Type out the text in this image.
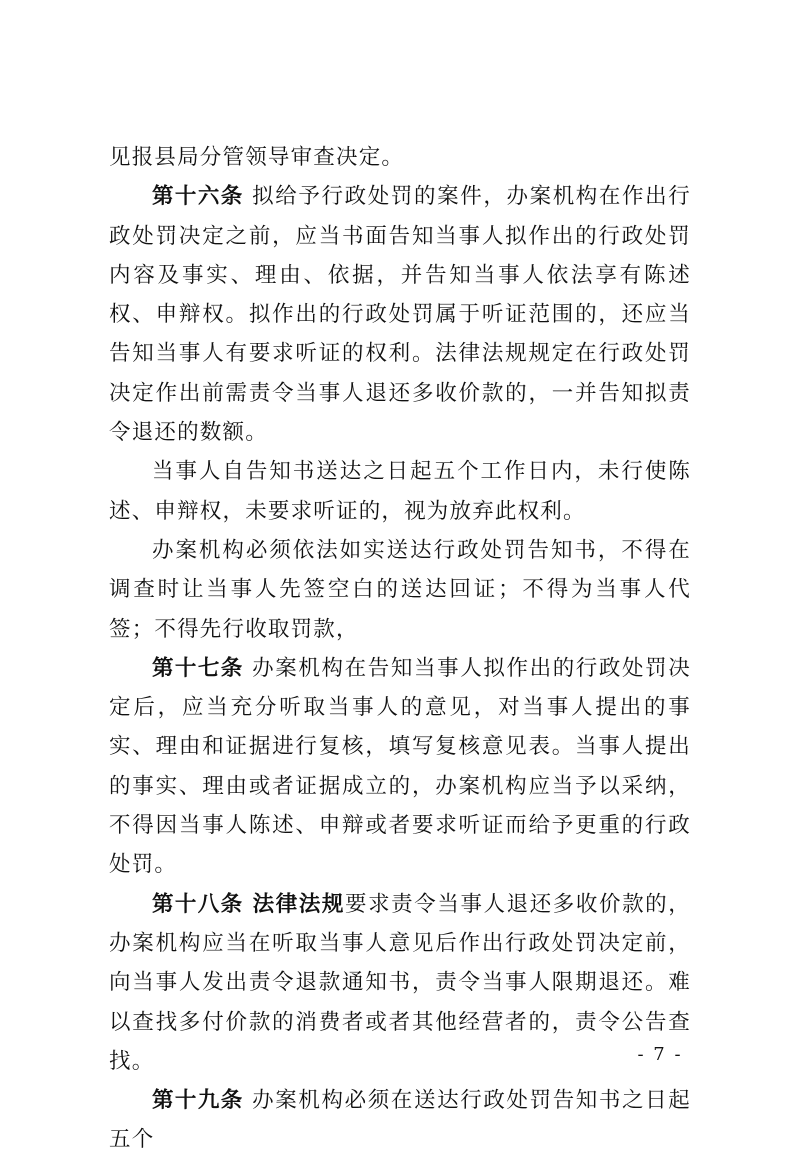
见报县局分管领导审查决定。

第十六条 拟给予行政处罚的案件，办案机构在作出行政处罚决定之前，应当书面告知当事人拟作出的行政处罚内容及事实、理由、依据，并告知当事人依法享有陈述权、申辩权。拟作出的行政处罚属于听证范围的，还应当告知当事人有要求听证的权利。法律法规规定在行政处罚决定作出前需责令当事人退还多收价款的，一并告知拟责令退还的数额。

当事人自告知书送达之日起五个工作日内，未行使陈述、申辩权，未要求听证的，视为放弃此权利。

办案机构必须依法如实送达行政处罚告知书，不得在调查时让当事人先签空白的送达回证；不得为当事人代签；不得先行收取罚款，

第十七条 办案机构在告知当事人拟作出的行政处罚决定后，应当充分听取当事人的意见，对当事人提出的事实、理由和证据进行复核，填写复核意见表。当事人提出的事实、理由或者证据成立的，办案机构应当予以采纳，不得因当事人陈述、申辩或者要求听证而给予更重的行政处罚。

第十八条 法律法规要求责令当事人退还多收价款的，办案机构应当在听取当事人意见后作出行政处罚决定前，向当事人发出责令退款通知书，责令当事人限期退还。难以查找多付价款的消费者或者其他经营者的，责令公告查找。

第十九条 办案机构必须在送达行政处罚告知书之日起五个

- 7 -
